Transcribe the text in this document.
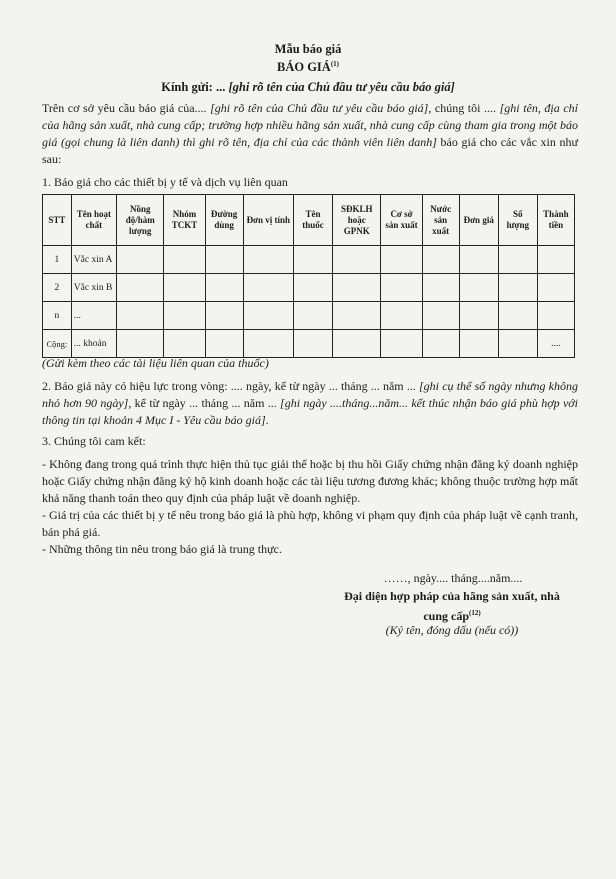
Mẫu báo giá
BÁO GIÁ$^{(1)}$
Kính gửi: ... [ghi rõ tên của Chủ đầu tư yêu cầu báo giá]
Trên cơ sở yêu cầu báo giá của.... [ghi rõ tên của Chủ đầu tư yêu cầu báo giá], chúng tôi .... [ghi tên, địa chỉ của hãng sản xuất, nhà cung cấp; trường hợp nhiều hãng sản xuất, nhà cung cấp cùng tham gia trong một báo giá (gọi chung là liên danh) thì ghi rõ tên, địa chỉ của các thành viên liên danh] báo giá cho các vắc xin như sau:
1. Báo giá cho các thiết bị y tế và dịch vụ liên quan
STT	Tên hoạt chất	Nồng độ/hàm lượng	Nhóm TCKT	Đường dùng	Đơn vị tính	Tên thuốc	SĐKLH hoặc GPNK	Cơ sở sản xuất	Nước sản xuất	Đơn giá	Số lượng	Thành tiền
1	Vắc xin A											
2	Vắc xin B											
n	...											
Cộng:	... khoản											....
(Gửi kèm theo các tài liệu liên quan của thuốc)
2. Báo giá này có hiệu lực trong vòng: .... ngày, kể từ ngày ... tháng ... năm ... [ghi cụ thể số ngày nhưng không nhỏ hơn 90 ngày], kể từ ngày ... tháng ... năm ... [ghi ngày ....tháng...năm... kết thúc nhận báo giá phù hợp với thông tin tại khoản 4 Mục I - Yêu cầu báo giá].
3. Chúng tôi cam kết:
- Không đang trong quá trình thực hiện thủ tục giải thể hoặc bị thu hồi Giấy chứng nhận đăng ký doanh nghiệp hoặc Giấy chứng nhận đăng ký hộ kinh doanh hoặc các tài liệu tương đương khác; không thuộc trường hợp mất khả năng thanh toán theo quy định của pháp luật về doanh nghiệp.
- Giá trị của các thiết bị y tế nêu trong báo giá là phù hợp, không vi phạm quy định của pháp luật về cạnh tranh, bán phá giá.
- Những thông tin nêu trong báo giá là trung thực.
……, ngày.... tháng....năm....
Đại diện hợp pháp của hãng sản xuất, nhà
cung cấp$^{(12)}$
(Ký tên, đóng dấu (nếu có))
